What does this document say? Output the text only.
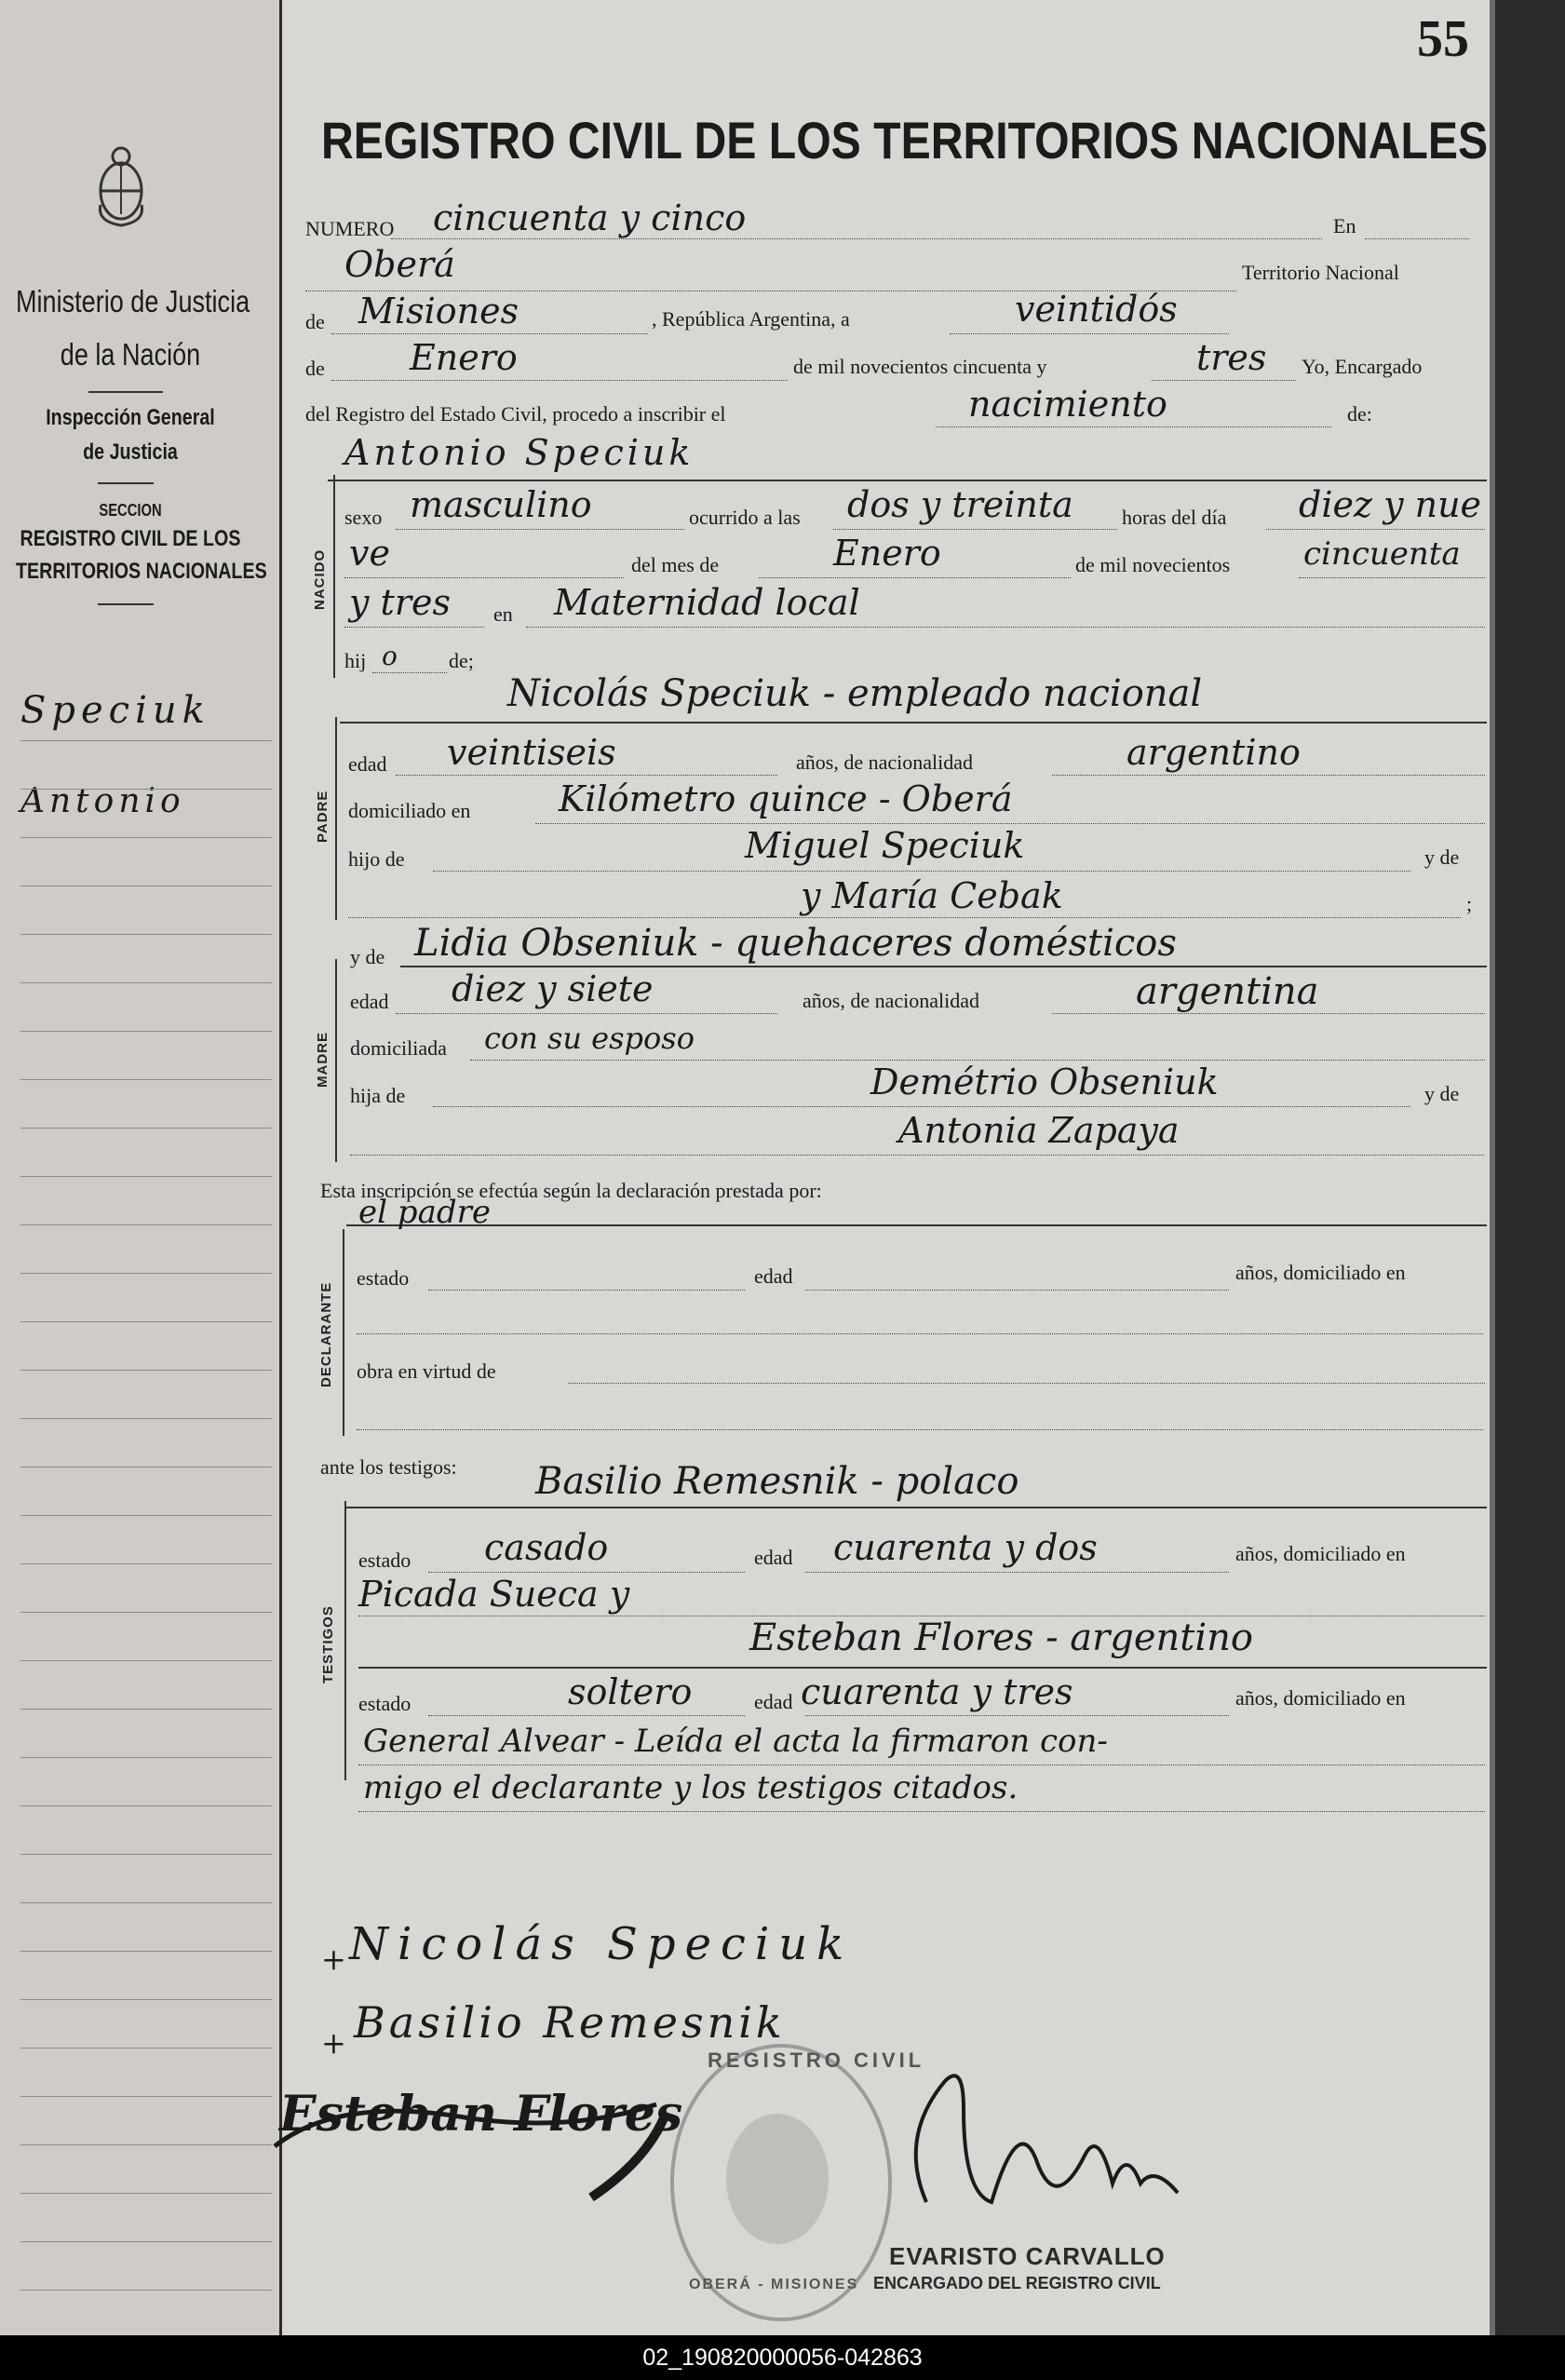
Ministerio de Justicia
de la Nación
Inspección General
de Justicia
SECCION
REGISTRO CIVIL DE LOS
TERRITORIOS NACIONALES
Speciuk
Antonio
55
REGISTRO CIVIL DE LOS TERRITORIOS NACIONALES
NUMERO cincuenta y cinco	En
Oberá	Territorio Nacional
de Misiones	, República Argentina, a	veintidós
de Enero	de mil novecientos cincuenta y	tres Yo, Encargado
del Registro del Estado Civil, procedo a inscribir el	nacimiento	de:
Antonio Speciuk
NACIDO
sexo masculino	ocurrido a las dos y treinta horas del día diez y nue
ve	del mes de	Enero	de mil novecientos cincuenta
y tres en Maternidad local
hij o	de;
Nicolás Speciuk - empleado nacional
PADRE
edad veintiseis	años, de nacionalidad	argentino
domiciliado en Kilómetro quince - Oberá
hijo de	Miguel Speciuk	y de
y María Cebak	;
y de Lidia Obseniuk - quehaceres domésticos
MADRE
edad diez y siete	años, de nacionalidad	argentina
domiciliada con su esposo
hija de	Demétrio Obseniuk	y de
Antonia Zapaya
Esta inscripción se efectúa según la declaración prestada por:
el padre
DECLARANTE
estado	edad	años, domiciliado en
obra en virtud de
ante los testigos: Basilio Remesnik - polaco
TESTIGOS
estado casado	edad cuarenta y dos	años, domiciliado en
Picada Sueca y
Esteban Flores - argentino
estado	soltero	edad cuarenta y tres	años, domiciliado en
General Alvear - Leída el acta la firmaron con-
migo el declarante y los testigos citados.
+ Nicolás Speciuk
+ Basilio Remesnik
Esteban Flores
REGISTRO CIVIL
OBERÁ - MISIONES
EVARISTO CARVALLO
ENCARGADO DEL REGISTRO CIVIL
02_190820000056-042863
